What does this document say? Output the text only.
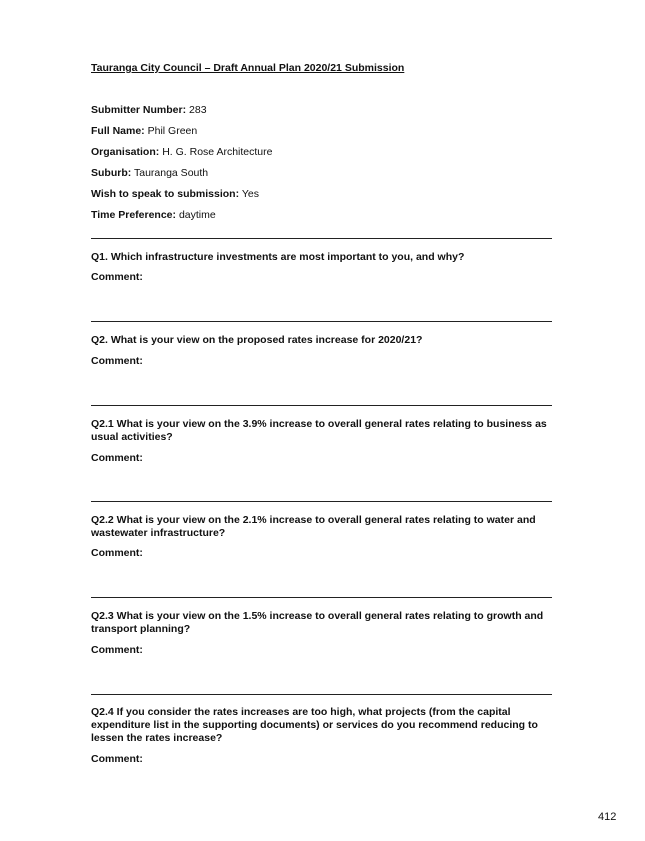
Tauranga City Council – Draft Annual Plan 2020/21 Submission
Submitter Number: 283
Full Name: Phil Green
Organisation: H. G. Rose Architecture
Suburb: Tauranga South
Wish to speak to submission: Yes
Time Preference: daytime
Q1. Which infrastructure investments are most important to you, and why?
Comment:
Q2. What is your view on the proposed rates increase for 2020/21?
Comment:
Q2.1 What is your view on the 3.9% increase to overall general rates relating to business as usual activities?
Comment:
Q2.2 What is your view on the 2.1% increase to overall general rates relating to water and wastewater infrastructure?
Comment:
Q2.3 What is your view on the 1.5% increase to overall general rates relating to growth and transport planning?
Comment:
Q2.4 If you consider the rates increases are too high, what projects (from the capital expenditure list in the supporting documents) or services do you recommend reducing to lessen the rates increase?
Comment:
412
